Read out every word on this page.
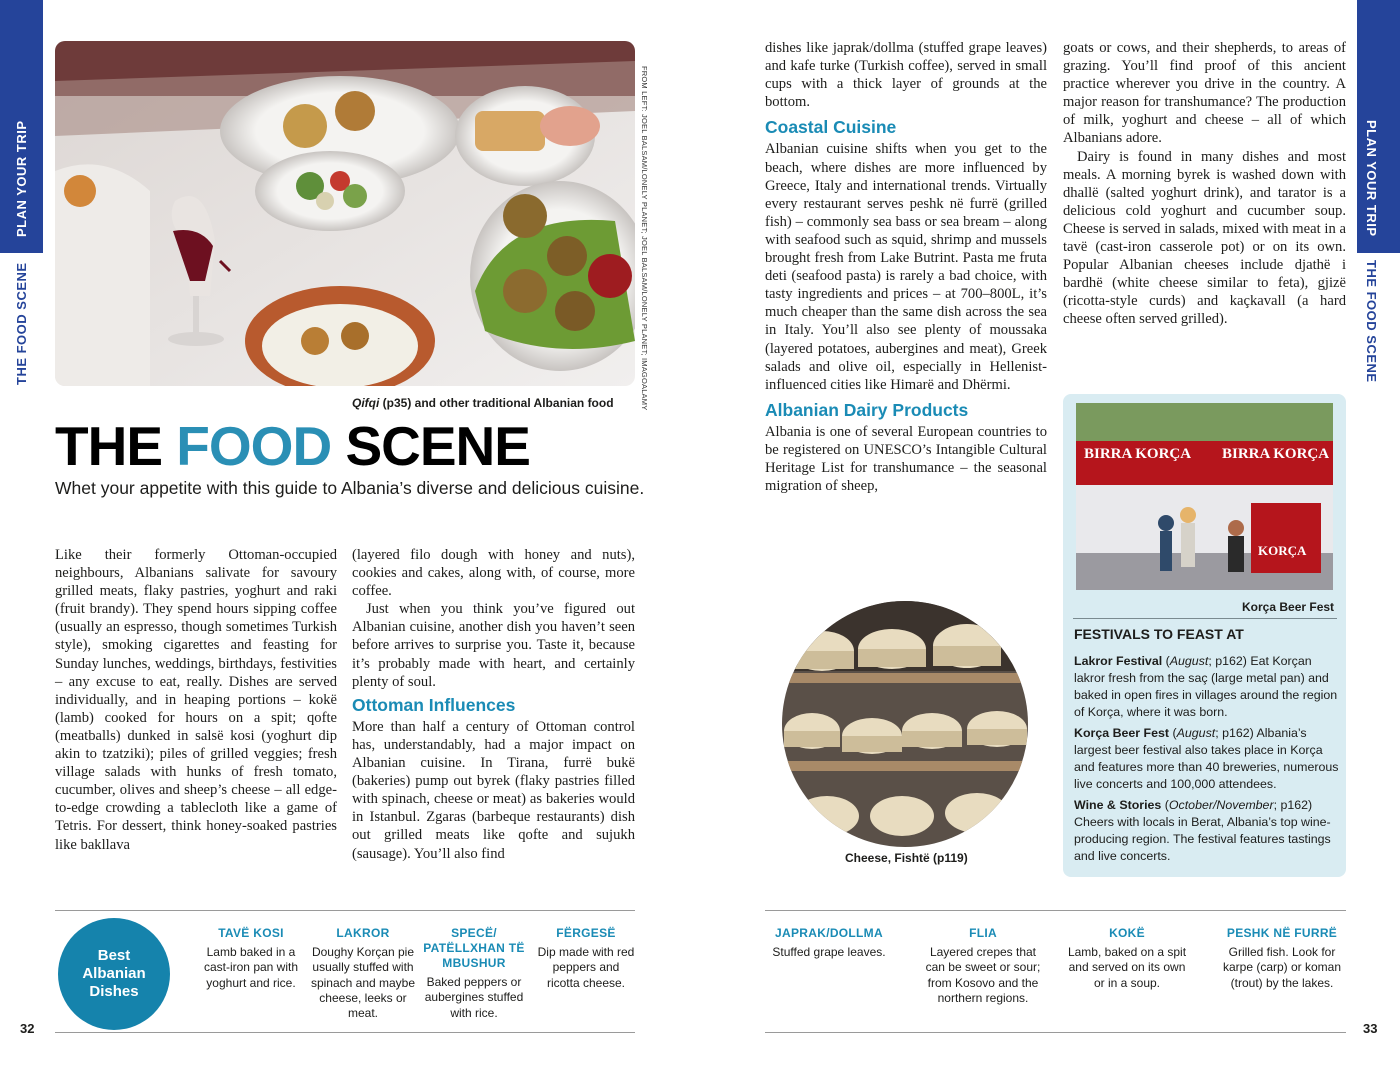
PLAN YOUR TRIP
THE FOOD SCENE
PLAN YOUR TRIP
THE FOOD SCENE
FROM LEFT: JOEL BALSAM/LONELY PLANET; JOEL BALSAM/LONELY PLANET; IMAGOALAMY
Qifqi (p35) and other traditional Albanian food
THE FOOD SCENE
Whet your appetite with this guide to Albania’s diverse and delicious cuisine.

Like their formerly Ottoman-occupied neighbours, Albanians salivate for savoury grilled meats, flaky pastries, yoghurt and raki (fruit brandy). They spend hours sipping coffee (usually an espresso, though sometimes Turkish style), smoking cigarettes and feasting for Sunday lunches, weddings, birthdays, festivities – any excuse to eat, really. Dishes are served individually, and in heaping portions – kokë (lamb) cooked for hours on a spit; qofte (meatballs) dunked in salsë kosi (yoghurt dip akin to tzatziki); piles of grilled veggies; fresh village salads with hunks of fresh tomato, cucumber, olives and sheep’s cheese – all edge-to-edge crowding a tablecloth like a game of Tetris. For dessert, think honey-soaked pastries like bakllava

(layered filo dough with honey and nuts), cookies and cakes, along with, of course, more coffee.

Just when you think you’ve figured out Albanian cuisine, another dish you haven’t seen before arrives to surprise you. Taste it, because it’s probably made with heart, and certainly plenty of soul.

Ottoman Influences

More than half a century of Ottoman control has, understandably, had a major impact on Albanian cuisine. In Tirana, furrë bukë (bakeries) pump out byrek (flaky pastries filled with spinach, cheese or meat) as bakeries would in Istanbul. Zgaras (barbeque restaurants) dish out grilled meats like qofte and sujukh (sausage). You’ll also find

dishes like japrak/dollma (stuffed grape leaves) and kafe turke (Turkish coffee), served in small cups with a thick layer of grounds at the bottom.

Coastal Cuisine

Albanian cuisine shifts when you get to the beach, where dishes are more influenced by Greece, Italy and international trends. Virtually every restaurant serves peshk në furrë (grilled fish) – commonly sea bass or sea bream – along with seafood such as squid, shrimp and mussels brought fresh from Lake Butrint. Pasta me fruta deti (seafood pasta) is rarely a bad choice, with tasty ingredients and prices – at 700–800L, it’s much cheaper than the same dish across the sea in Italy. You’ll also see plenty of moussaka (layered potatoes, aubergines and meat), Greek salads and olive oil, especially in Hellenist-influenced cities like Himarë and Dhërmi.

Albanian Dairy Products

Albania is one of several European countries to be registered on UNESCO’s Intangible Cultural Heritage List for transhumance – the seasonal migration of sheep,

goats or cows, and their shepherds, to areas of grazing. You’ll find proof of this ancient practice wherever you drive in the country. A major reason for transhumance? The production of milk, yoghurt and cheese – all of which Albanians adore.

Dairy is found in many dishes and most meals. A morning byrek is washed down with dhallë (salted yoghurt drink), and tarator is a delicious cold yoghurt and cucumber soup. Cheese is served in salads, mixed with meat in a tavë (cast-iron casserole pot) or on its own. Popular Albanian cheeses include djathë i bardhë (white cheese similar to feta), gjizë (ricotta-style curds) and kaçkavall (a hard cheese often served grilled).

Cheese, Fishtë (p119)
BIRRA KORÇA BIRRA KORÇA
KORÇA
Korça Beer Fest
FESTIVALS TO FEAST AT
Lakror Festival (August; p162) Eat Korçan lakror fresh from the saç (large metal pan) and baked in open fires in villages around the region of Korça, where it was born.
Korça Beer Fest (August; p162) Albania’s largest beer festival also takes place in Korça and features more than 40 breweries, numerous live concerts and 100,000 attendees.
Wine & Stories (October/November; p162) Cheers with locals in Berat, Albania’s top wine-producing region. The festival features tastings and live concerts.
Best Albanian Dishes
TAVË KOSI
Lamb baked in a cast-iron pan with yoghurt and rice.
LAKROR
Doughy Korçan pie usually stuffed with spinach and maybe cheese, leeks or meat.
SPECË/ PATËLLXHAN TË MBUSHUR
Baked peppers or aubergines stuffed with rice.
FËRGESË
Dip made with red peppers and ricotta cheese.
JAPRAK/DOLLMA
Stuffed grape leaves.
FLIA
Layered crepes that can be sweet or sour; from Kosovo and the northern regions.
KOKË
Lamb, baked on a spit and served on its own or in a soup.
PESHK NË FURRË
Grilled fish. Look for karpe (carp) or koman (trout) by the lakes.
32	33
